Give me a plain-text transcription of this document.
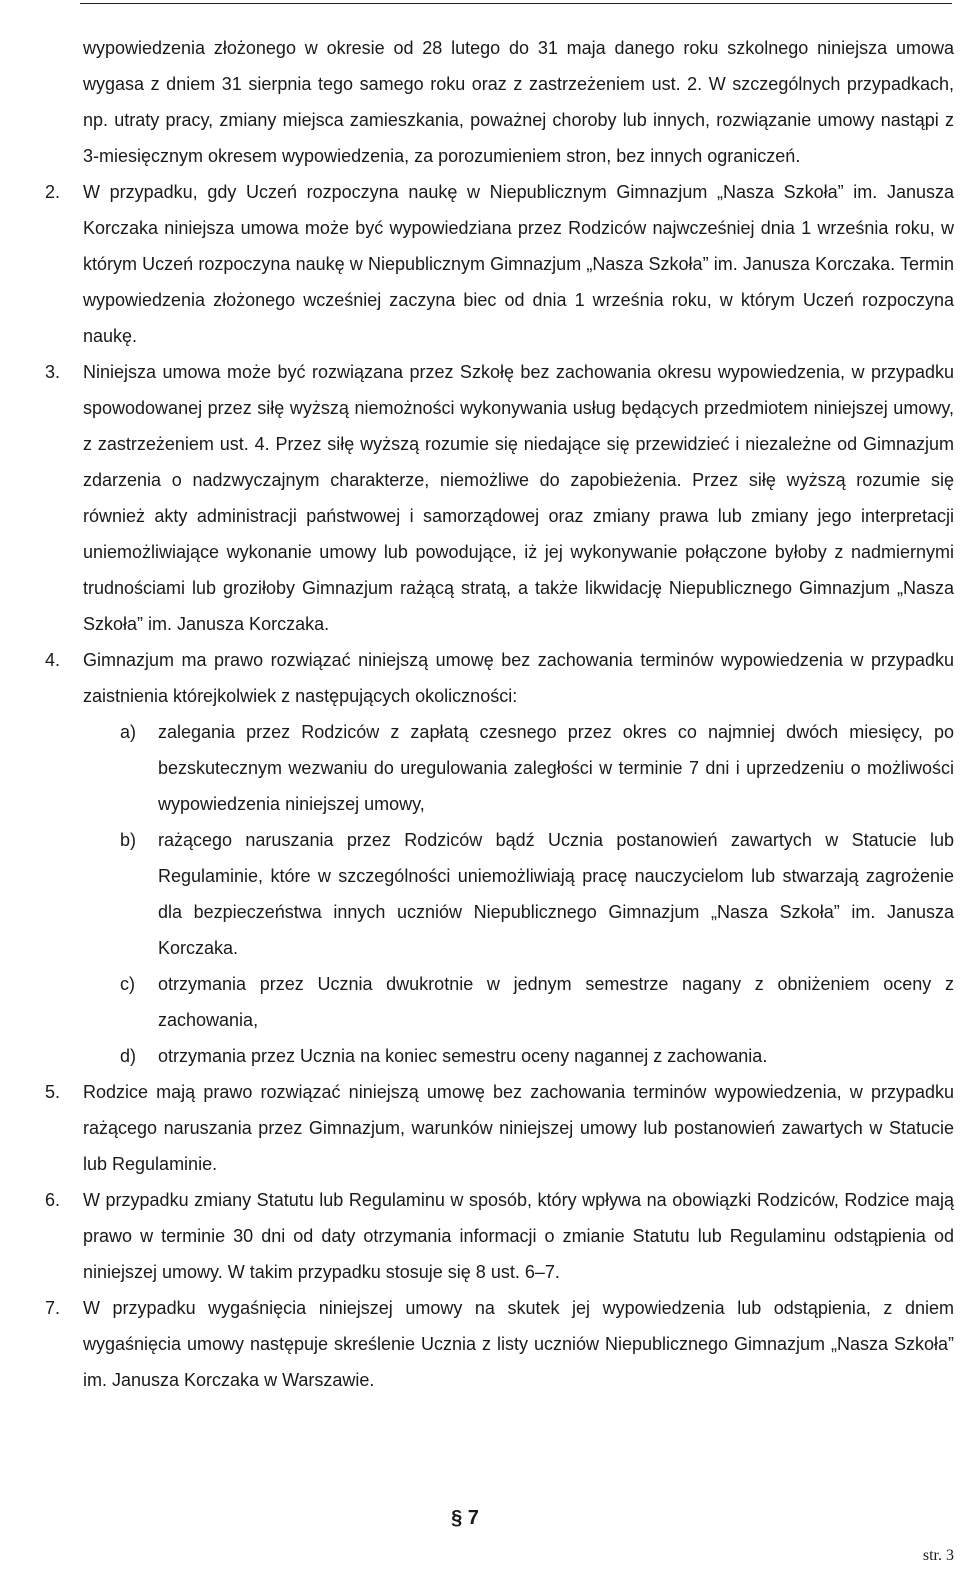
wypowiedzenia złożonego w okresie od 28 lutego do 31 maja danego roku szkolnego niniejsza umowa wygasa z dniem 31 sierpnia tego samego roku oraz z zastrzeżeniem ust. 2. W szczególnych przypadkach, np. utraty pracy, zmiany miejsca zamieszkania, poważnej choroby lub innych, rozwiązanie umowy nastąpi z 3-miesięcznym okresem wypowiedzenia, za porozumieniem stron, bez innych ograniczeń.
2. W przypadku, gdy Uczeń rozpoczyna naukę w Niepublicznym Gimnazjum „Nasza Szkoła” im. Janusza Korczaka niniejsza umowa może być wypowiedziana przez Rodziców najwcześniej dnia 1 września roku, w którym Uczeń rozpoczyna naukę w Niepublicznym Gimnazjum „Nasza Szkoła” im. Janusza Korczaka. Termin wypowiedzenia złożonego wcześniej zaczyna biec od dnia 1 września roku, w którym Uczeń rozpoczyna naukę.
3. Niniejsza umowa może być rozwiązana przez Szkołę bez zachowania okresu wypowiedzenia, w przypadku spowodowanej przez siłę wyższą niemożności wykonywania usług będących przedmiotem niniejszej umowy, z zastrzeżeniem ust. 4. Przez siłę wyższą rozumie się niedające się przewidzieć i niezależne od Gimnazjum zdarzenia o nadzwyczajnym charakterze, niemożliwe do zapobieżenia. Przez siłę wyższą rozumie się również akty administracji państwowej i samorządowej oraz zmiany prawa lub zmiany jego interpretacji uniemożliwiające wykonanie umowy lub powodujące, iż jej wykonywanie połączone byłoby z nadmiernymi trudnościami lub groziłoby Gimnazjum rażącą stratą, a także likwidację Niepublicznego Gimnazjum „Nasza Szkoła” im. Janusza Korczaka.
4. Gimnazjum ma prawo rozwiązać niniejszą umowę bez zachowania terminów wypowiedzenia w przypadku zaistnienia którejkolwiek z następujących okoliczności:
a) zalegania przez Rodziców z zapłatą czesnego przez okres co najmniej dwóch miesięcy, po bezskutecznym wezwaniu do uregulowania zaległości w terminie 7 dni i uprzedzeniu o możliwości wypowiedzenia niniejszej umowy,
b) rażącego naruszania przez Rodziców bądź Ucznia postanowień zawartych w Statucie lub Regulaminie, które w szczególności uniemożliwiają pracę nauczycielom lub stwarzają zagrożenie dla bezpieczeństwa innych uczniów Niepublicznego Gimnazjum „Nasza Szkoła” im. Janusza Korczaka.
c) otrzymania przez Ucznia dwukrotnie w jednym semestrze nagany z obniżeniem oceny z zachowania,
d) otrzymania przez Ucznia na koniec semestru oceny nagannej z zachowania.
5. Rodzice mają prawo rozwiązać niniejszą umowę bez zachowania terminów wypowiedzenia, w przypadku rażącego naruszania przez Gimnazjum, warunków niniejszej umowy lub postanowień zawartych w Statucie lub Regulaminie.
6. W przypadku zmiany Statutu lub Regulaminu w sposób, który wpływa na obowiązki Rodziców, Rodzice mają prawo w terminie 30 dni od daty otrzymania informacji o zmianie Statutu lub Regulaminu odstąpienia od niniejszej umowy. W takim przypadku stosuje się 8 ust. 6–7.
7. W przypadku wygaśnięcia niniejszej umowy na skutek jej wypowiedzenia lub odstąpienia, z dniem wygaśnięcia umowy następuje skreślenie Ucznia z listy uczniów Niepublicznego Gimnazjum „Nasza Szkoła” im. Janusza Korczaka w Warszawie.
§ 7
str. 3
